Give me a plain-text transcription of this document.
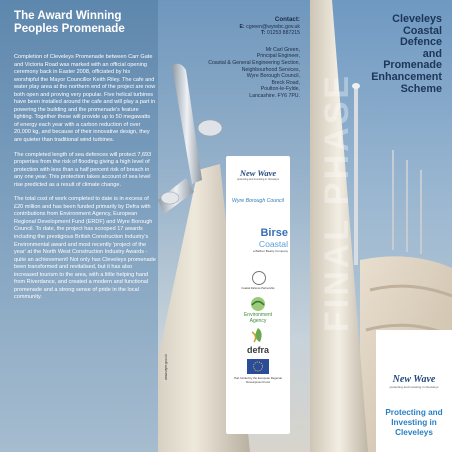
The Award Winning
Peoples Promenade

Completion of Cleveleys Promenade between Carr Gate and Victoria Road was marked with an official opening ceremony back in Easter 2008, officiated by his worshipful the Mayor Councillor Keith Riley. The cafe and water play area at the northern end of the project are now both open and proving very popular. Five helical turbines have been installed around the cafe and will play a part in powering the building and the promenade's feature lighting. Together these will provide up to 50 megawatts of energy each year with a carbon reduction of over 20,000 kg, and because of their innovative design, they are quieter than traditional wind turbines.

The completed length of sea defences will protect 7,693 properties from the risk of flooding giving a high level of protection with less than a half percent risk of breach in any one year. This protection takes account of sea level rise predicted as a result of climate change.

The total cost of work completed to date is in excess of £20 million and has been funded primarily by Defra with contributions from Environment Agency, European Regional Development Fund (ERDF) and Wyre Borough Council. To date, the project has scooped 17 awards including the prestigious British Construction Industry's Environmental award and most recently 'project of the year' at the North West Construction Industry Awards - quite an achievement! Not only has Cleveleys promenade been transformed and revitalised, but it has also increased tourism to the area, with a little helping hand from Riverdance, and created a modern and functional promenade and a strong sense of pride in the local community.

Contact:
E: cgreen@wyrebc.gov.uk
T: 01253 887215
Mr Carl Green,
Principal Engineer,
Coastal & General Engineering Section,
Neighbourhood Services,
Wyre Borough Council,
Breck Road,
Poulton-le-Fylde,
Lancashire. FY6 7PU.
New Wave
protecting and investing in Cleveleys
Wyre Borough Council
Birse
Coastal
a Balfour Beatty Company
Coastal Defence Partnership
Environment Agency
defra
Part funded by the European Regional Development Fund
www.wyre.gov.uk
Cleveleys
Coastal
Defence
and
Promenade
Enhancement
Scheme
FINAL PHASE
New Wave
protecting and investing in Cleveleys
Protecting and
Investing in Cleveleys
